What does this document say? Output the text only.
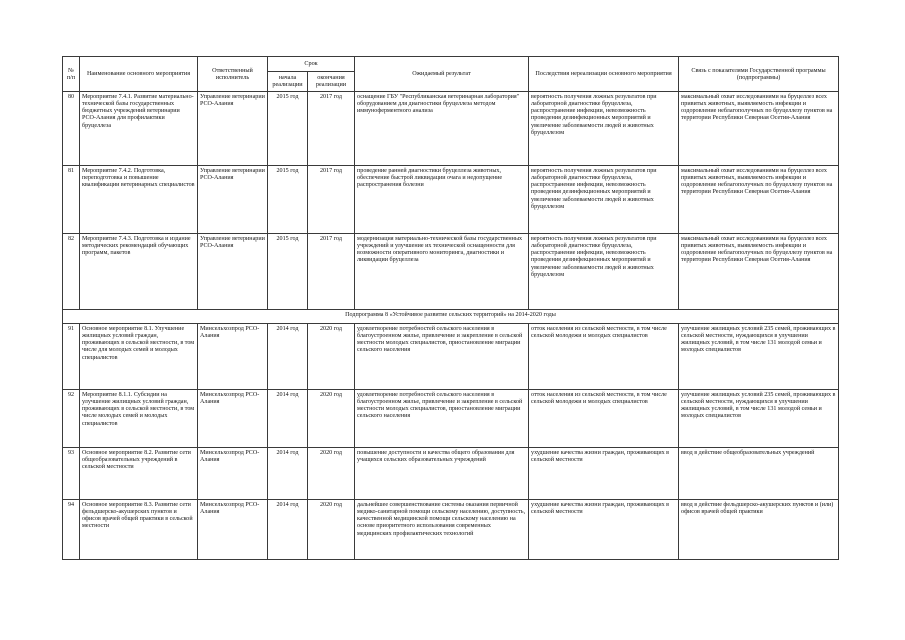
№ п/п	Наименование основного мероприятия	Ответственный исполнитель	Срок		Ожидаемый результат	Последствия нереализации основного мероприятия	Связь с показателями Государственной программы (подпрограммы)
			начала реализации	окончания реализации			
80	Мероприятие 7.4.1. Развитие материально-технической базы государственных бюджетных учреждений ветеринарии РСО-Алания для профилактики бруцеллеза	Управление ветеринарии РСО-Алания	2015 год	2017 год	оснащение ГБУ "Республиканская ветеринарная лаборатория" оборудованием для диагностики бруцеллеза методом иммуноферментного анализа	вероятность получения ложных результатов при лабораторной диагностике бруцеллеза, распространение инфекции, невозможность проведения дезинфекционных мероприятий и увеличение заболеваемости людей и животных бруцеллезом	максимальный охват исследованиями на бруцеллез всех привитых животных, выявляемость инфекции и оздоровление неблагополучных по бруцеллезу пунктов на территории Республики Северная Осетия-Алания
81	Мероприятие 7.4.2. Подготовка, переподготовка и повышение квалификации ветеринарных специалистов	Управление ветеринарии РСО-Алания	2015 год	2017 год	проведение ранней диагностики бруцеллеза животных, обеспечение быстрой ликвидации очага и недопущение распространения болезни	вероятность получения ложных результатов при лабораторной диагностике бруцеллеза, распространение инфекции, невозможность проведения дезинфекционных мероприятий и увеличение заболеваемости людей и животных бруцеллезом	максимальный охват исследованиями на бруцеллез всех привитых животных, выявляемость инфекции и оздоровление неблагополучных по бруцеллезу пунктов на территории Республики Северная Осетия-Алания
82	Мероприятие 7.4.3. Подготовка и издание методических рекомендаций обучающих программ, пакетов	Управление ветеринарии РСО-Алания	2015 год	2017 год	модернизация материально-технической базы государственных учреждений и улучшение их технической оснащенности для возможности оперативного мониторинга, диагностики и ликвидации бруцеллеза	вероятность получения ложных результатов при лабораторной диагностике бруцеллеза, распространение инфекции, невозможность проведения дезинфекционных мероприятий и увеличение заболеваемости людей и животных бруцеллезом	максимальный охват исследованиями на бруцеллез всех привитых животных, выявляемость инфекции и оздоровление неблагополучных по бруцеллезу пунктов на территории Республики Северная Осетия-Алания
Подпрограмма 8 «Устойчивое развитие сельских территорий» на 2014-2020 годы							
91	Основное мероприятие 8.1. Улучшение жилищных условий граждан, проживающих в сельской местности, в том числе для молодых семей и молодых специалистов	Минсельхозпрод РСО-Алания	2014 год	2020 год	удовлетворение потребностей сельского населения в благоустроенном жилье, привлечение и закрепление в сельской местности молодых специалистов, приостановление миграции сельского населения	отток населения из сельской местности, в том числе сельской молодежи и молодых специалистов	улучшение жилищных условий 235 семей, проживающих в сельской местности, нуждающихся в улучшении жилищных условий, в том числе 131 молодой семьи и молодых специалистов
92	Мероприятие 8.1.1. Субсидии на улучшение жилищных условий граждан, проживающих в сельской местности, в том числе молодых семей и молодых специалистов	Минсельхозпрод РСО-Алания	2014 год	2020 год	удовлетворение потребностей сельского населения в благоустроенном жилье, привлечение и закрепление в сельской местности молодых специалистов, приостановление миграции сельского населения	отток населения из сельской местности, в том числе сельской молодежи и молодых специалистов	улучшение жилищных условий 235 семей, проживающих в сельской местности, нуждающихся в улучшении жилищных условий, в том числе 131 молодой семьи и молодых специалистов
93	Основное мероприятие 8.2. Развитие сети общеобразовательных учреждений в сельской местности	Минсельхозпрод РСО-Алания	2014 год	2020 год	повышение доступности и качества общего образования для учащихся сельских образовательных учреждений	ухудшение качества жизни граждан, проживающих в сельской местности	ввод в действие общеобразовательных учреждений
94	Основное мероприятие 8.3. Развитие сети фельдшерско-акушерских пунктов и офисов врачей общей практики в сельской местности	Минсельхозпрод РСО-Алания	2014 год	2020 год	дальнейшее совершенствование системы оказания первичной медико-санитарной помощи сельскому населению, доступность, качественной медицинской помощи сельскому населению на основе приоритетного использования современных медицинских профилактических технологий	ухудшение качества жизни граждан, проживающих в сельской местности	ввод в действие фельдшерско-акушерских пунктов и (или) офисов врачей общей практики
